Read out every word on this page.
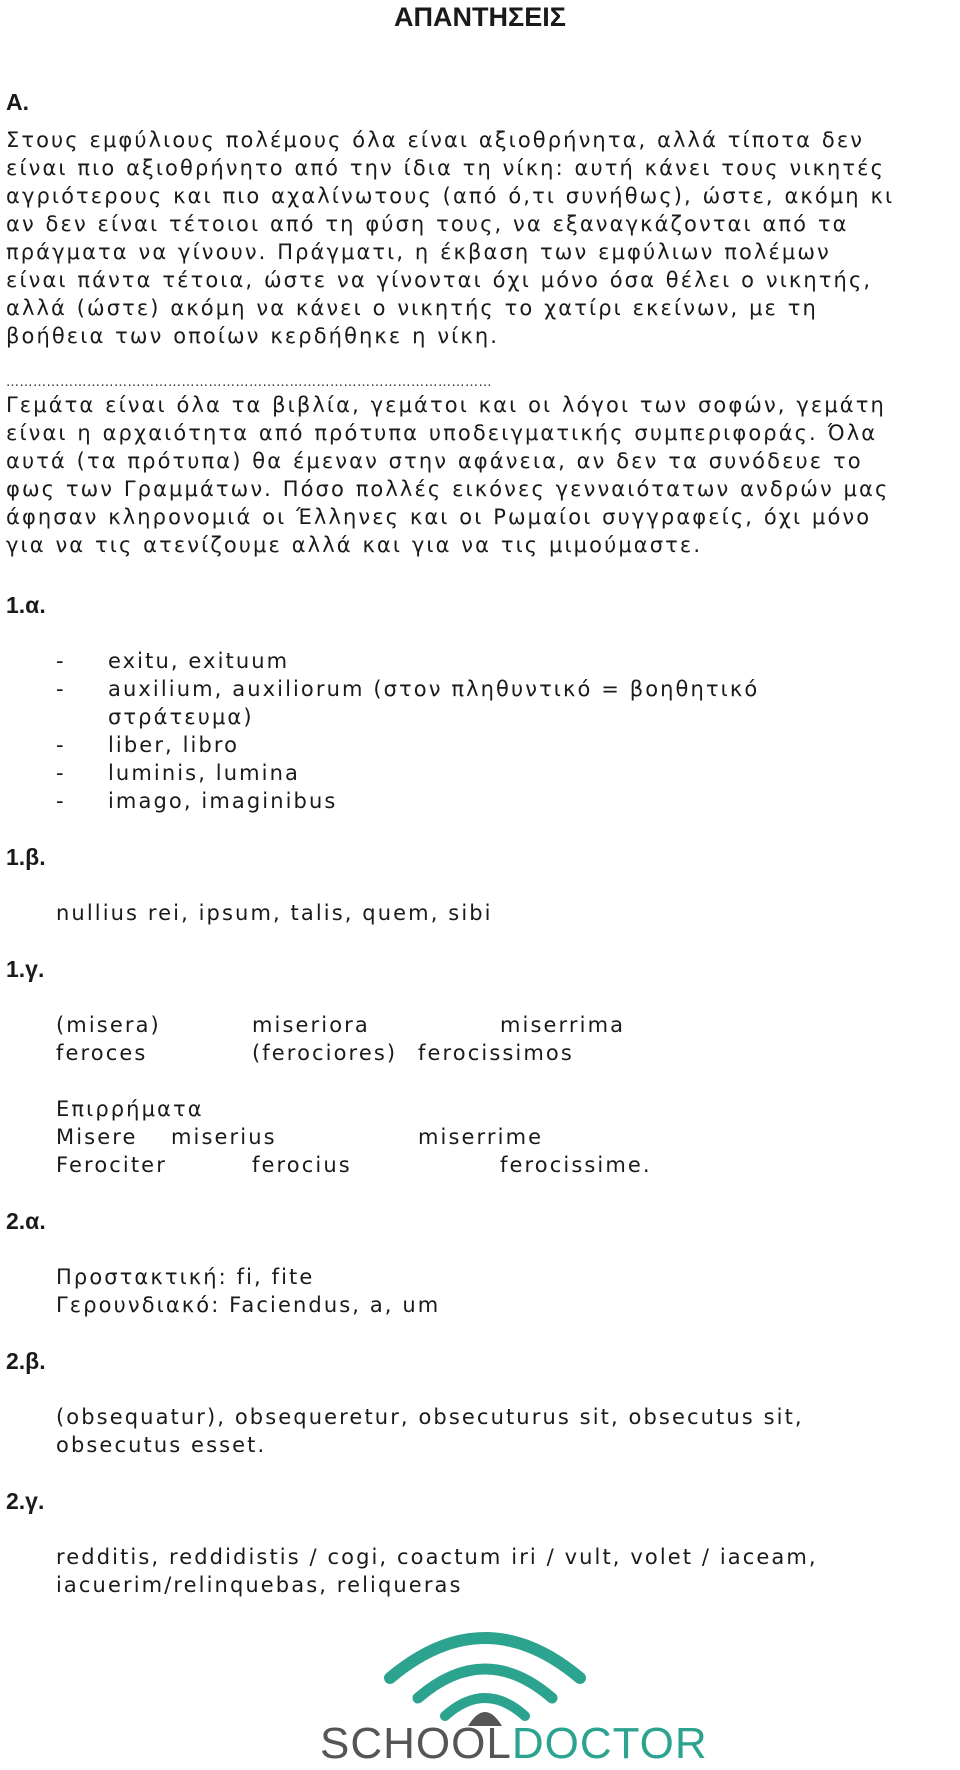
ΑΠΑΝΤΗΣΕΙΣ
A.
Στους εμφύλιους πολέμους όλα είναι αξιοθρήνητα, αλλά τίποτα δεν
είναι πιο αξιοθρήνητο από την ίδια τη νίκη: αυτή κάνει τους νικητές
αγριότερους και πιο αχαλίνωτους (από ό,τι συνήθως), ώστε, ακόμη κι
αν δεν είναι τέτοιοι από τη φύση τους, να εξαναγκάζονται από τα
πράγματα να γίνουν. Πράγματι, η έκβαση των εμφύλιων πολέμων
είναι πάντα τέτοια, ώστε να γίνονται όχι μόνο όσα θέλει ο νικητής,
αλλά (ώστε) ακόμη να κάνει ο νικητής το χατίρι εκείνων, με τη
βοήθεια των οποίων κερδήθηκε η νίκη.
………………………………………………………………………………………………
Γεμάτα είναι όλα τα βιβλία, γεμάτοι και οι λόγοι των σοφών, γεμάτη
είναι η αρχαιότητα από πρότυπα υποδειγματικής συμπεριφοράς. Όλα
αυτά (τα πρότυπα) θα έμεναν στην αφάνεια, αν δεν τα συνόδευε το
φως των Γραμμάτων. Πόσο πολλές εικόνες γενναιότατων ανδρών μας
άφησαν κληρονομιά οι Έλληνες και οι Ρωμαίοι συγγραφείς, όχι μόνο
για να τις ατενίζουμε αλλά και για να τις μιμούμαστε.
1.α.
- exitu, exituum
- auxilium, auxiliorum (στον πληθυντικό = βοηθητικό
στράτευμα)
- liber, libro
- luminis, lumina
- imago, imaginibus
1.β.
nullius rei, ipsum, talis, quem, sibi
1.γ.
(misera)	miseriora	miserrima
feroces	(ferociores) ferocissimos
Επιρρήματα
Misere miserius	miserrime
Ferociter	ferocius	ferocissime.
2.α.
Προστακτική: fi, fite
Γερουνδιακό: Faciendus, a, um
2.β.
(obsequatur), obsequeretur, obsecuturus sit, obsecutus sit,
obsecutus esset.
2.γ.
redditis, reddidistis / cogi, coactum iri / vult, volet / iaceam,
iacuerim/relinquebas, reliqueras
SCHOOLDOCTOR
